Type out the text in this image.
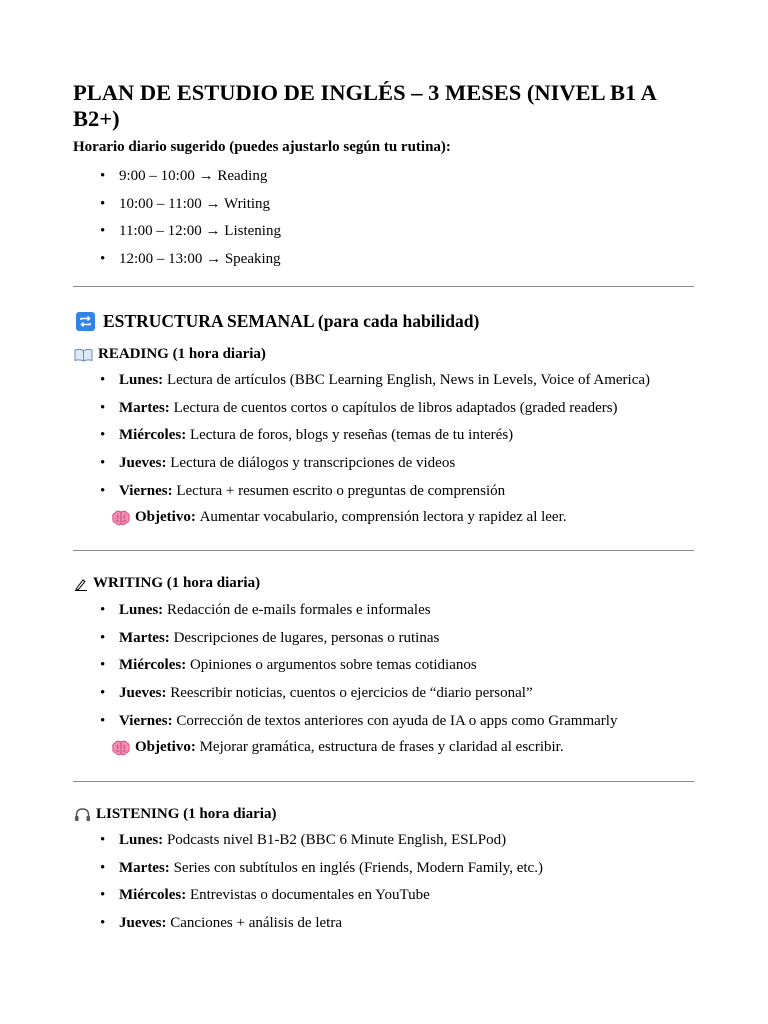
PLAN DE ESTUDIO DE INGLÉS – 3 MESES (NIVEL B1 A B2+)

Horario diario sugerido (puedes ajustarlo según tu rutina):

• 9:00 – 10:00 → Reading
• 10:00 – 11:00 → Writing
• 11:00 – 12:00 → Listening
• 12:00 – 13:00 → Speaking
ESTRUCTURA SEMANAL (para cada habilidad)
READING (1 hora diaria)
• Lunes: Lectura de artículos (BBC Learning English, News in Levels, Voice of America)
• Martes: Lectura de cuentos cortos o capítulos de libros adaptados (graded readers)
• Miércoles: Lectura de foros, blogs y reseñas (temas de tu interés)
• Jueves: Lectura de diálogos y transcripciones de videos
• Viernes: Lectura + resumen escrito o preguntas de comprensión
Objetivo:
Aumentar vocabulario, comprensión lectora y rapidez al leer.
WRITING (1 hora diaria)
• Lunes: Redacción de e-mails formales e informales
• Martes: Descripciones de lugares, personas o rutinas
• Miércoles: Opiniones o argumentos sobre temas cotidianos
• Jueves: Reescribir noticias, cuentos o ejercicios de “diario personal”
• Viernes: Corrección de textos anteriores con ayuda de IA o apps como Grammarly
Objetivo:
Mejorar gramática, estructura de frases y claridad al escribir.
LISTENING (1 hora diaria)
• Lunes: Podcasts nivel B1-B2 (BBC 6 Minute English, ESLPod)
• Martes: Series con subtítulos en inglés (Friends, Modern Family, etc.)
• Miércoles: Entrevistas o documentales en YouTube
• Jueves: Canciones + análisis de letra
